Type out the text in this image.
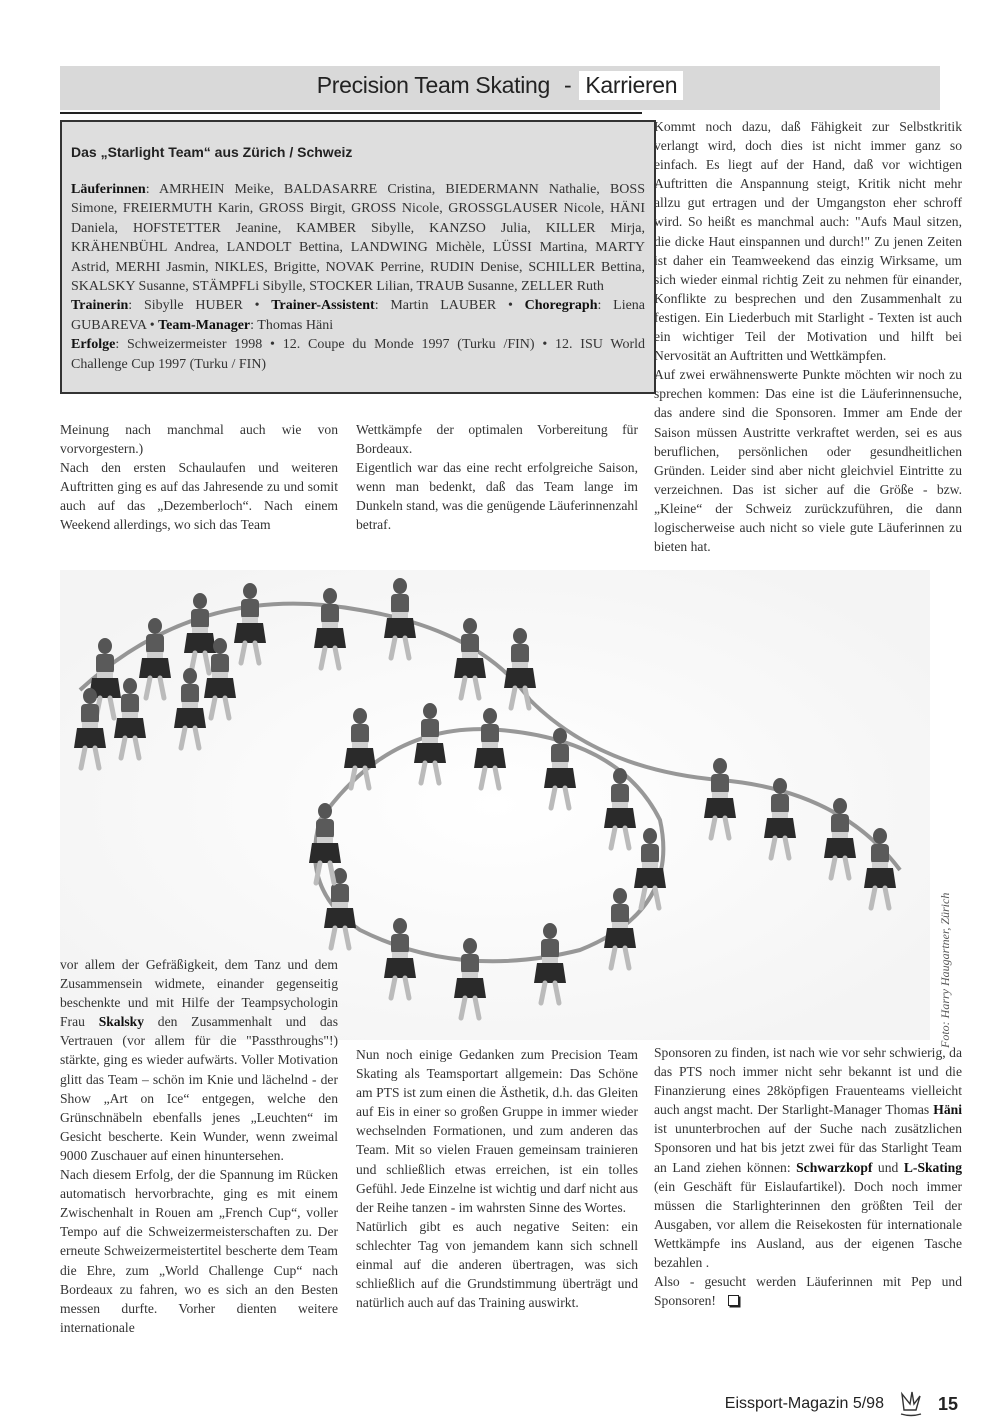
Precision Team Skating - Karrieren
Das „Starlight Team“ aus Zürich / Schweiz

Läuferinnen: AMRHEIN Meike, BALDASARRE Cristina, BIEDERMANN Nathalie, BOSS Simone, FREIERMUTH Karin, GROSS Birgit, GROSS Nicole, GROSSGLAUSER Nicole, HÄNI Daniela, HOFSTETTER Jeanine, KAMBER Sibylle, KANZSO Julia, KILLER Mirja, KRÄHENBÜHL Andrea, LANDOLT Bettina, LANDWING Michèle, LÜSSI Martina, MARTY Astrid, MERHI Jasmin, NIKLES, Brigitte, NOVAK Perrine, RUDIN Denise, SCHILLER Bettina, SKALSKY Susanne, STÄMPFLi Sibylle, STOCKER Lilian, TRAUB Susanne, ZELLER Ruth

Trainerin: Sibylle HUBER • Trainer-Assistent: Martin LAUBER • Choregraph: Liena GUBAREVA • Team-Manager: Thomas Häni

Erfolge: Schweizermeister 1998 • 12. Coupe du Monde 1997 (Turku /FIN) • 12. ISU World Challenge Cup 1997 (Turku / FIN)

Meinung nach manchmal auch wie von vorvorgestern.)

Nach den ersten Schaulaufen und weiteren Auftritten ging es auf das Jahresende zu und somit auch auf das „Dezemberloch“. Nach einem Weekend allerdings, wo sich das Team

Wettkämpfe der optimalen Vorbereitung für Bordeaux.

Eigentlich war das eine recht erfolgreiche Saison, wenn man bedenkt, daß das Team lange im Dunkeln stand, was die genügende Läuferinnenzahl betraf.

Kommt noch dazu, daß Fähigkeit zur Selbstkritik verlangt wird, doch dies ist nicht immer ganz so einfach. Es liegt auf der Hand, daß vor wichtigen Auftritten die Anspannung steigt, Kritik nicht mehr allzu gut ertragen und der Umgangston eher schroff wird. So heißt es manchmal auch: "Aufs Maul sitzen, die dicke Haut einspannen und durch!" Zu jenen Zeiten ist daher ein Teamweekend das einzig Wirksame, um sich wieder einmal richtig Zeit zu nehmen für einander, Konflikte zu besprechen und den Zusammenhalt zu festigen. Ein Liederbuch mit Starlight - Texten ist auch ein wichtiger Teil der Motivation und hilft bei Nervosität an Auftritten und Wettkämpfen.

Auf zwei erwähnenswerte Punkte möchten wir noch zu sprechen kommen: Das eine ist die Läuferinnensuche, das andere sind die Sponsoren. Immer am Ende der Saison müssen Austritte verkraftet werden, sei es aus beruflichen, persönlichen oder gesundheitlichen Gründen. Leider sind aber nicht gleichviel Eintritte zu verzeichnen. Das ist sicher auf die Größe - bzw. „Kleine“ der Schweiz zurückzuführen, die dann logischerweise auch nicht so viele gute Läuferinnen zu bieten hat.

Foto: Harry Haugartner, Zürich

vor allem der Gefräßigkeit, dem Tanz und dem Zusammensein widmete, einander gegenseitig beschenkte und mit Hilfe der Teampsychologin Frau Skalsky den Zusammenhalt und das Vertrauen (vor allem für die "Passthroughs"!) stärkte, ging es wieder aufwärts. Voller Motivation glitt das Team – schön im Knie und lächelnd - der Show „Art on Ice“ entgegen, welche den Grünschnäbeln ebenfalls jenes „Leuchten“ im Gesicht bescherte. Kein Wunder, wenn zweimal 9000 Zuschauer auf einen hinuntersehen.

Nach diesem Erfolg, der die Spannung im Rücken automatisch hervorbrachte, ging es mit einem Zwischenhalt in Rouen am „French Cup“, voller Tempo auf die Schweizermeisterschaften zu. Der erneute Schweizermeistertitel bescherte dem Team die Ehre, zum „World Challenge Cup“ nach Bordeaux zu fahren, wo es sich an den Besten messen durfte. Vorher dienten weitere internationale

Nun noch einige Gedanken zum Precision Team Skating als Teamsportart allgemein: Das Schöne am PTS ist zum einen die Ästhetik, d.h. das Gleiten auf Eis in einer so großen Gruppe in immer wieder wechselnden Formationen, und zum anderen das Team. Mit so vielen Frauen gemeinsam trainieren und schließlich etwas erreichen, ist ein tolles Gefühl. Jede Einzelne ist wichtig und darf nicht aus der Reihe tanzen - im wahrsten Sinne des Wortes.

Natürlich gibt es auch negative Seiten: ein schlechter Tag von jemandem kann sich schnell einmal auf die anderen übertragen, was sich schließlich auf die Grundstimmung überträgt und natürlich auch auf das Training auswirkt.

Sponsoren zu finden, ist nach wie vor sehr schwierig, da das PTS noch immer nicht sehr bekannt ist und die Finanzierung eines 28köpfigen Frauenteams vielleicht auch angst macht. Der Starlight-Manager Thomas Häni ist ununterbrochen auf der Suche nach zusätzlichen Sponsoren und hat bis jetzt zwei für das Starlight Team an Land ziehen können: Schwarzkopf und L-Skating (ein Geschäft für Eislaufartikel). Doch noch immer müssen die Starlighterinnen den größten Teil der Ausgaben, vor allem die Reisekosten für internationale Wettkämpfe ins Ausland, aus der eigenen Tasche bezahlen .

Also - gesucht werden Läuferinnen mit Pep und Sponsoren!

Eissport-Magazin 5/98	15
